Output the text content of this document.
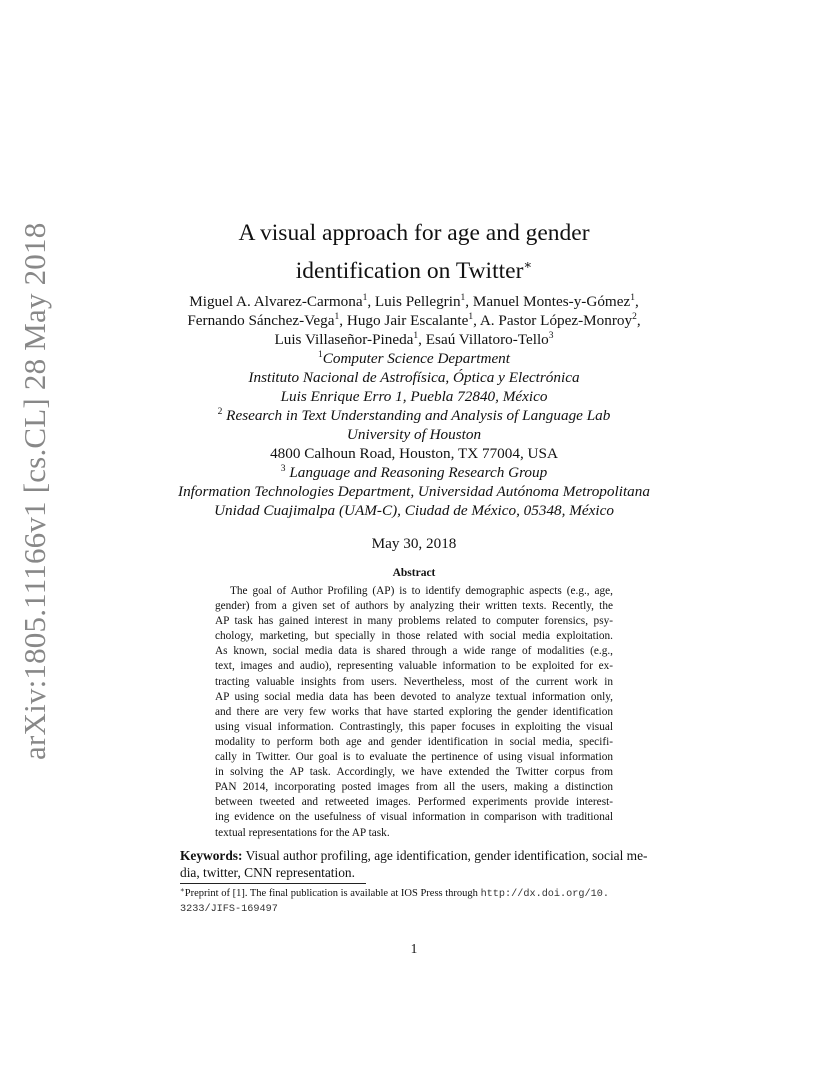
arXiv:1805.11166v1 [cs.CL] 28 May 2018	A visual approach for age and gender
identification on Twitter∗
Miguel A. Alvarez-Carmona$^1$, Luis Pellegrin$^1$, Manuel Montes-y-Gómez$^1$,
Fernando Sánchez-Vega$^1$, Hugo Jair Escalante$^1$, A. Pastor López-Monroy$^2$,
Luis Villaseñor-Pineda$^1$, Esaú Villatoro-Tello$^3$
$^1$Computer Science Department
Instituto Nacional de Astrofísica, Óptica y Electrónica
Luis Enrique Erro 1, Puebla 72840, México
$^2$ Research in Text Understanding and Analysis of Language Lab
University of Houston
4800 Calhoun Road, Houston, TX 77004, USA
$^3$ Language and Reasoning Research Group
Information Technologies Department, Universidad Autónoma Metropolitana
Unidad Cuajimalpa (UAM-C), Ciudad de México, 05348, México
May 30, 2018
Abstract
The goal of Author Profiling (AP) is to identify demographic aspects (e.g., age,
gender) from a given set of authors by analyzing their written texts. Recently, the
AP task has gained interest in many problems related to computer forensics, psy-
chology, marketing, but specially in those related with social media exploitation.
As known, social media data is shared through a wide range of modalities (e.g.,
text, images and audio), representing valuable information to be exploited for ex-
tracting valuable insights from users. Nevertheless, most of the current work in
AP using social media data has been devoted to analyze textual information only,
and there are very few works that have started exploring the gender identification
using visual information. Contrastingly, this paper focuses in exploiting the visual
modality to perform both age and gender identification in social media, specifi-
cally in Twitter. Our goal is to evaluate the pertinence of using visual information
in solving the AP task. Accordingly, we have extended the Twitter corpus from
PAN 2014, incorporating posted images from all the users, making a distinction
between tweeted and retweeted images. Performed experiments provide interest-
ing evidence on the usefulness of visual information in comparison with traditional
textual representations for the AP task.
Keywords: Visual author profiling, age identification, gender identification, social me-
dia, twitter, CNN representation.
∗Preprint of [1]. The final publication is available at IOS Press through http://dx.doi.org/10.
3233/JIFS-169497
1
